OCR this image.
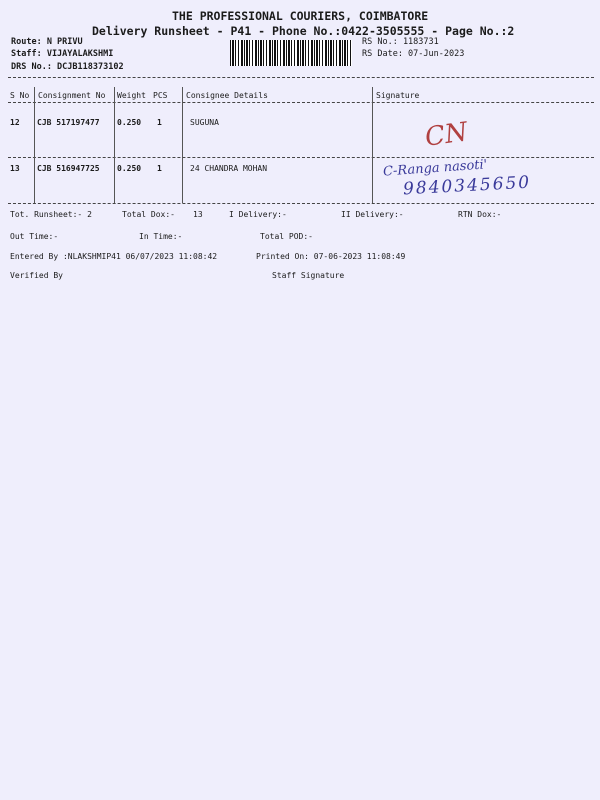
THE PROFESSIONAL COURIERS, COIMBATORE
Delivery Runsheet - P41 - Phone No.:0422-3505555 - Page No.:2
Route: N PRIVU
Staff: VIJAYALAKSHMI
DRS No.: DCJB118373102
RS No.: 1183731
RS Date: 07-Jun-2023
S No Consignment No Weight PCS Consignee Details	Signature
12 CJB 517197477 0.250 1	SUGUNA	CN
13 CJB 516947725 0.250 1	24 CHANDRA MOHAN	C-Ranga nasoti'
9840345650
Tot. Runsheet:- 2	Total Dox:- 13	I Delivery:-	II Delivery:-	RTN Dox:-
Out Time:-	In Time:-	Total POD:-
Entered By :NLAKSHMIP41 06/07/2023 11:08:42	Printed On: 07-06-2023 11:08:49
Verified By	Staff Signature
